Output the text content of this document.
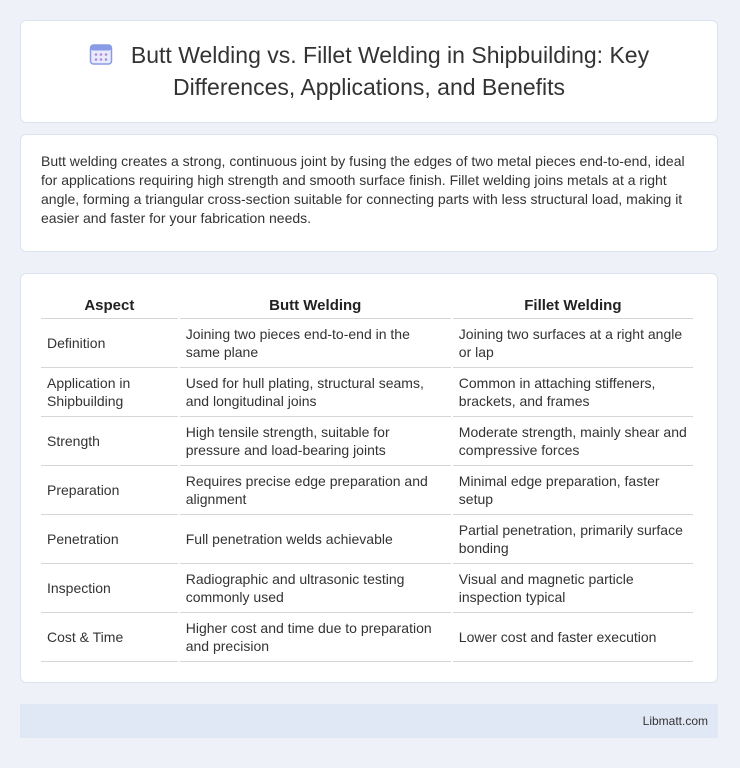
Butt Welding vs. Fillet Welding in Shipbuilding: Key Differences, Applications, and Benefits

Butt welding creates a strong, continuous joint by fusing the edges of two metal pieces end-to-end, ideal for applications requiring high strength and smooth surface finish. Fillet welding joins metals at a right angle, forming a triangular cross-section suitable for connecting parts with less structural load, making it easier and faster for your fabrication needs.

Aspect	Butt Welding	Fillet Welding
Definition	Joining two pieces end-to-end in the same plane	Joining two surfaces at a right angle or lap
Application in Shipbuilding	Used for hull plating, structural seams, and longitudinal joins	Common in attaching stiffeners, brackets, and frames
Strength	High tensile strength, suitable for pressure and load-bearing joints	Moderate strength, mainly shear and compressive forces
Preparation	Requires precise edge preparation and alignment	Minimal edge preparation, faster setup
Penetration	Full penetration welds achievable	Partial penetration, primarily surface bonding
Inspection	Radiographic and ultrasonic testing commonly used	Visual and magnetic particle inspection typical
Cost & Time	Higher cost and time due to preparation and precision	Lower cost and faster execution
Libmatt.com
